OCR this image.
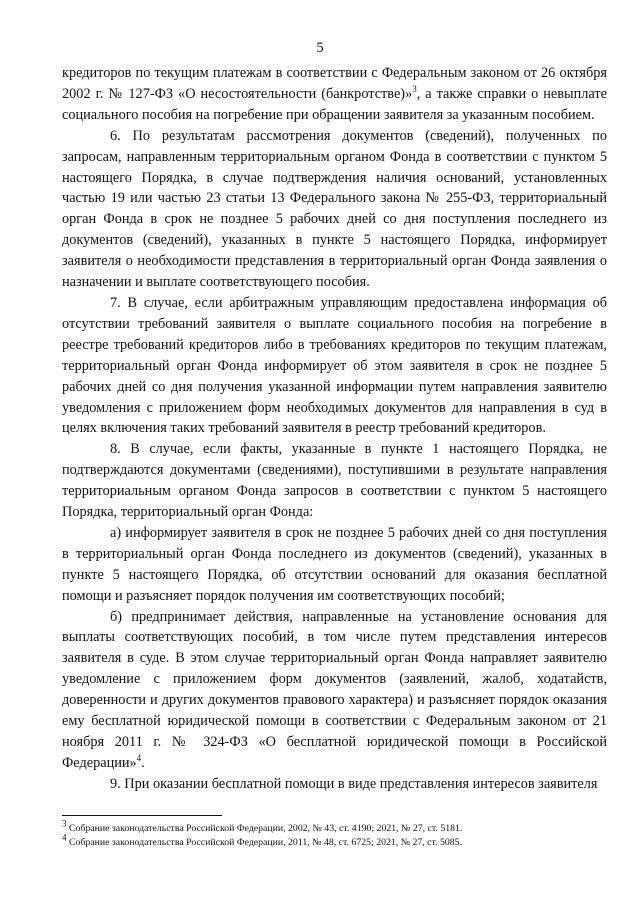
5

кредиторов по текущим платежам в соответствии с Федеральным законом от 26 октября 2002 г. № 127-ФЗ «О несостоятельности (банкротстве)»$^3$, а также справки о невыплате социального пособия на погребение при обращении заявителя за указанным пособием.

6. По результатам рассмотрения документов (сведений), полученных по запросам, направленным территориальным органом Фонда в соответствии с пунктом 5 настоящего Порядка, в случае подтверждения наличия оснований, установленных частью 19 или частью 23 статьи 13 Федерального закона № 255-ФЗ, территориальный орган Фонда в срок не позднее 5 рабочих дней со дня поступления последнего из документов (сведений), указанных в пункте 5 настоящего Порядка, информирует заявителя о необходимости представления в территориальный орган Фонда заявления о назначении и выплате соответствующего пособия.

7. В случае, если арбитражным управляющим предоставлена информация об отсутствии требований заявителя о выплате социального пособия на погребение в реестре требований кредиторов либо в требованиях кредиторов по текущим платежам, территориальный орган Фонда информирует об этом заявителя в срок не позднее 5 рабочих дней со дня получения указанной информации путем направления заявителю уведомления с приложением форм необходимых документов для направления в суд в целях включения таких требований заявителя в реестр требований кредиторов.

8. В случае, если факты, указанные в пункте 1 настоящего Порядка, не подтверждаются документами (сведениями), поступившими в результате направления территориальным органом Фонда запросов в соответствии с пунктом 5 настоящего Порядка, территориальный орган Фонда:

а) информирует заявителя в срок не позднее 5 рабочих дней со дня поступления в территориальный орган Фонда последнего из документов (сведений), указанных в пункте 5 настоящего Порядка, об отсутствии оснований для оказания бесплатной помощи и разъясняет порядок получения им соответствующих пособий;

б) предпринимает действия, направленные на установление основания для выплаты соответствующих пособий, в том числе путем представления интересов заявителя в суде. В этом случае территориальный орган Фонда направляет заявителю уведомление с приложением форм документов (заявлений, жалоб, ходатайств, доверенности и других документов правового характера) и разъясняет порядок оказания ему бесплатной юридической помощи в соответствии с Федеральным законом от 21 ноября 2011 г. № 324-ФЗ «О бесплатной юридической помощи в Российской Федерации»$^4$.

9. При оказании бесплатной помощи в виде представления интересов заявителя

$^3$ Собрание законодательства Российской Федерации, 2002, № 43, ст. 4190; 2021, № 27, ст. 5181.

$^4$ Собрание законодательства Российской Федерации, 2011, № 48, ст. 6725; 2021, № 27, ст. 5085.
